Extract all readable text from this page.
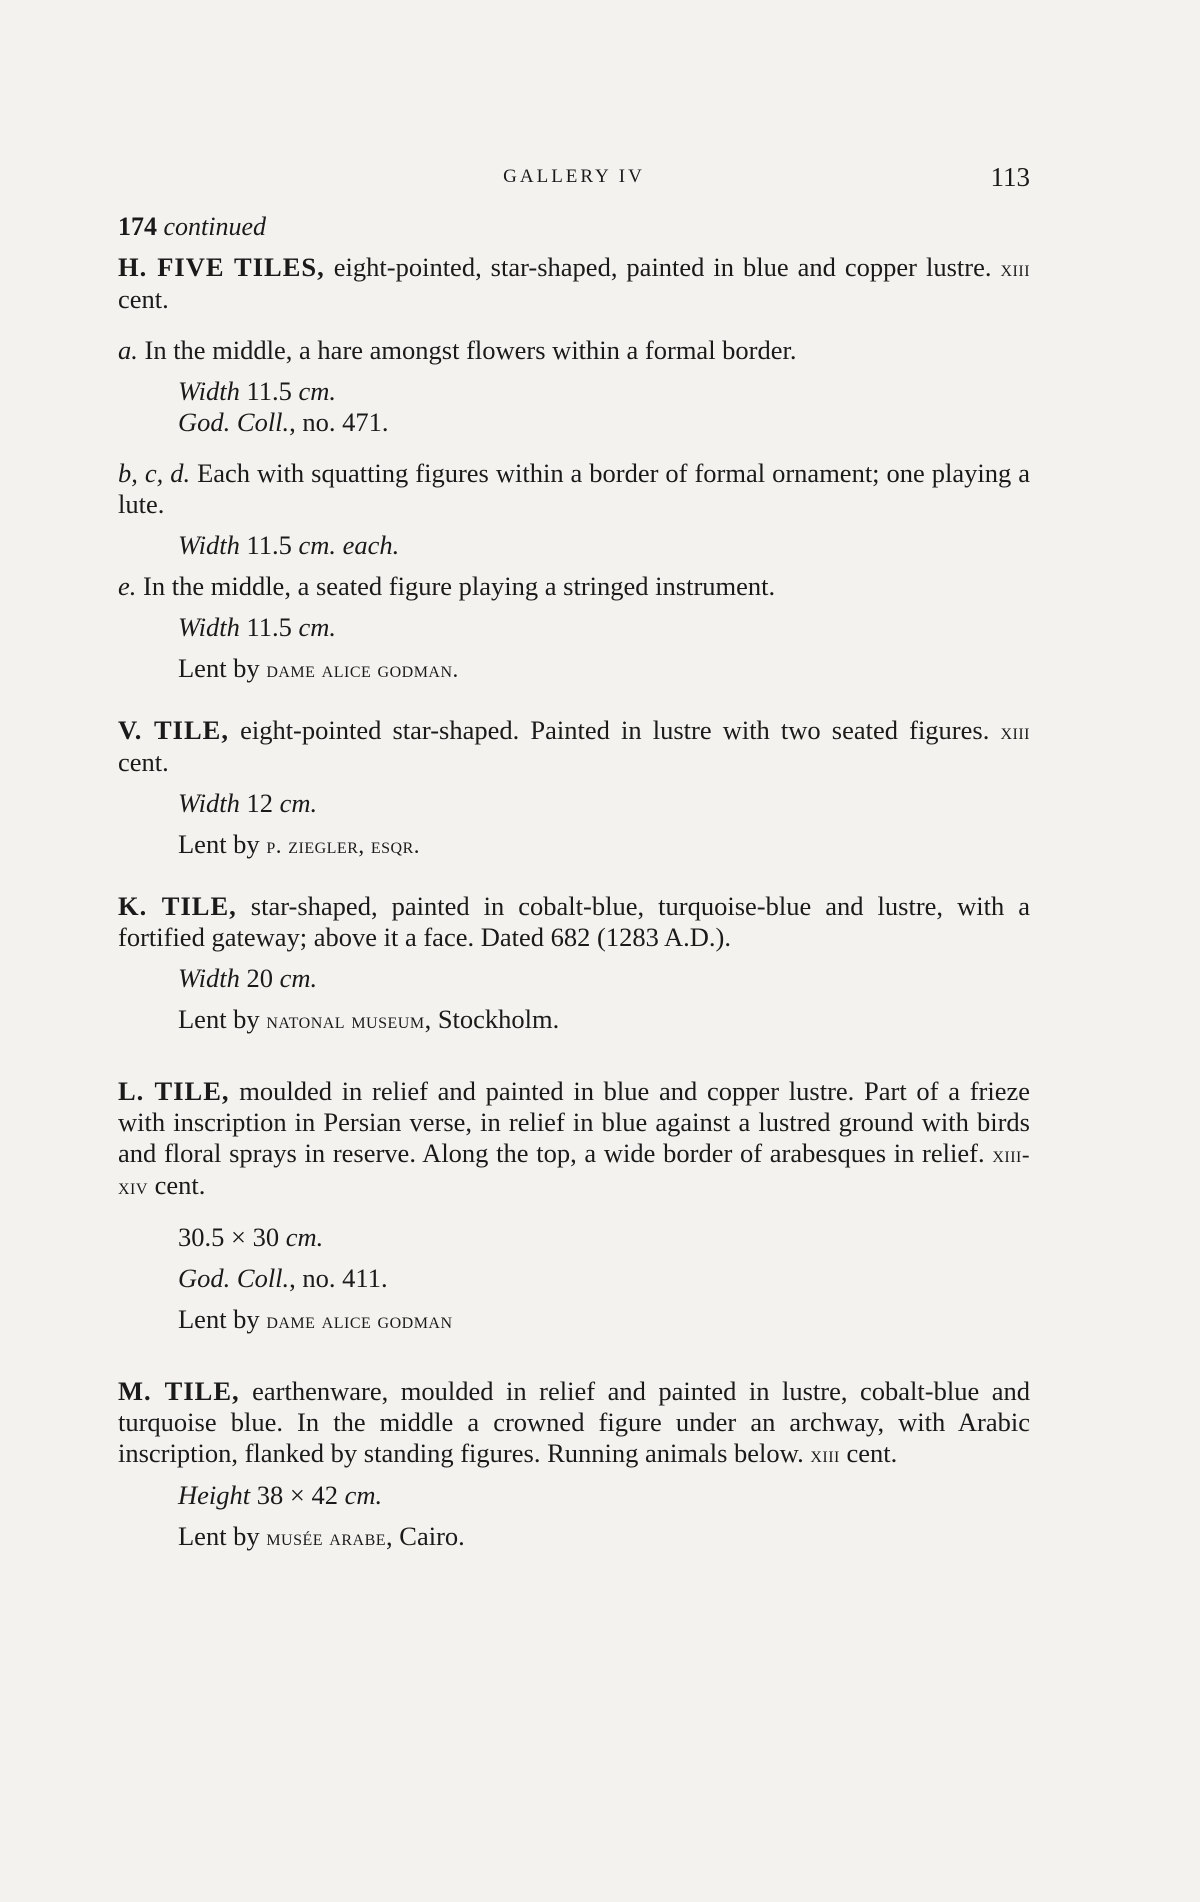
GALLERY IV	113
174 continued

H. FIVE TILES, eight-pointed, star-shaped, painted in blue and copper lustre. xiii cent.

a. In the middle, a hare amongst flowers within a formal border.

Width 11.5 cm.

God. Coll., no. 471.

b, c, d. Each with squatting figures within a border of formal ornament; one playing a lute.

Width 11.5 cm. each.

e. In the middle, a seated figure playing a stringed instrument.

Width 11.5 cm.

Lent by dame alice godman.

V. TILE, eight-pointed star-shaped. Painted in lustre with two seated figures. xiii cent.

Width 12 cm.

Lent by p. ziegler, esqr.

K. TILE, star-shaped, painted in cobalt-blue, turquoise-blue and lustre, with a fortified gateway; above it a face. Dated 682 (1283 A.D.).

Width 20 cm.

Lent by natonal museum, Stockholm.

L. TILE, moulded in relief and painted in blue and copper lustre. Part of a frieze with inscription in Persian verse, in relief in blue against a lustred ground with birds and floral sprays in reserve. Along the top, a wide border of arabesques in relief. xiii-xiv cent.

30.5 × 30 cm.

God. Coll., no. 411.

Lent by dame alice godman

M. TILE, earthenware, moulded in relief and painted in lustre, cobalt-blue and turquoise blue. In the middle a crowned figure under an archway, with Arabic inscription, flanked by standing figures. Running animals below. xiii cent.

Height 38 × 42 cm.

Lent by musée arabe, Cairo.
